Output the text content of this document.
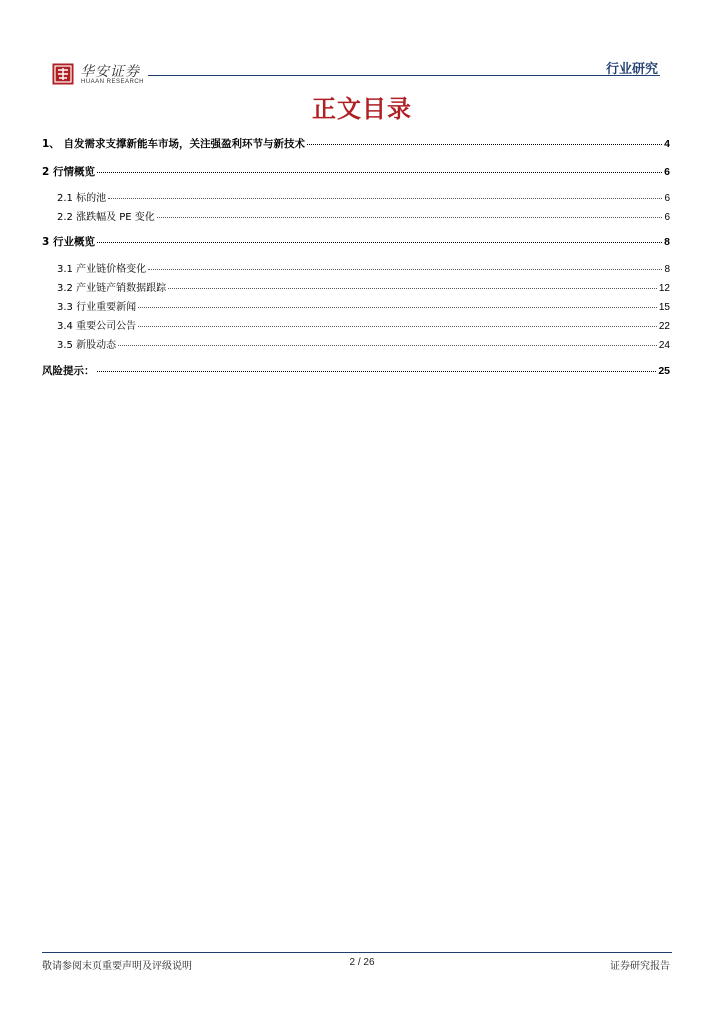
华安证券
HUAAN RESEARCH
行业研究
正文目录
1、 自发需求支撑新能车市场，关注强盈利环节与新技术	4
2 行情概览	6
2.1 标的池	6
2.2 涨跌幅及 PE 变化	6
3 行业概览	8
3.1 产业链价格变化	8
3.2 产业链产销数据跟踪	12
3.3 行业重要新闻	15
3.4 重要公司公告	22
3.5 新股动态	24
风险提示：	25
敬请参阅末页重要声明及评级说明	2 / 26	证券研究报告
